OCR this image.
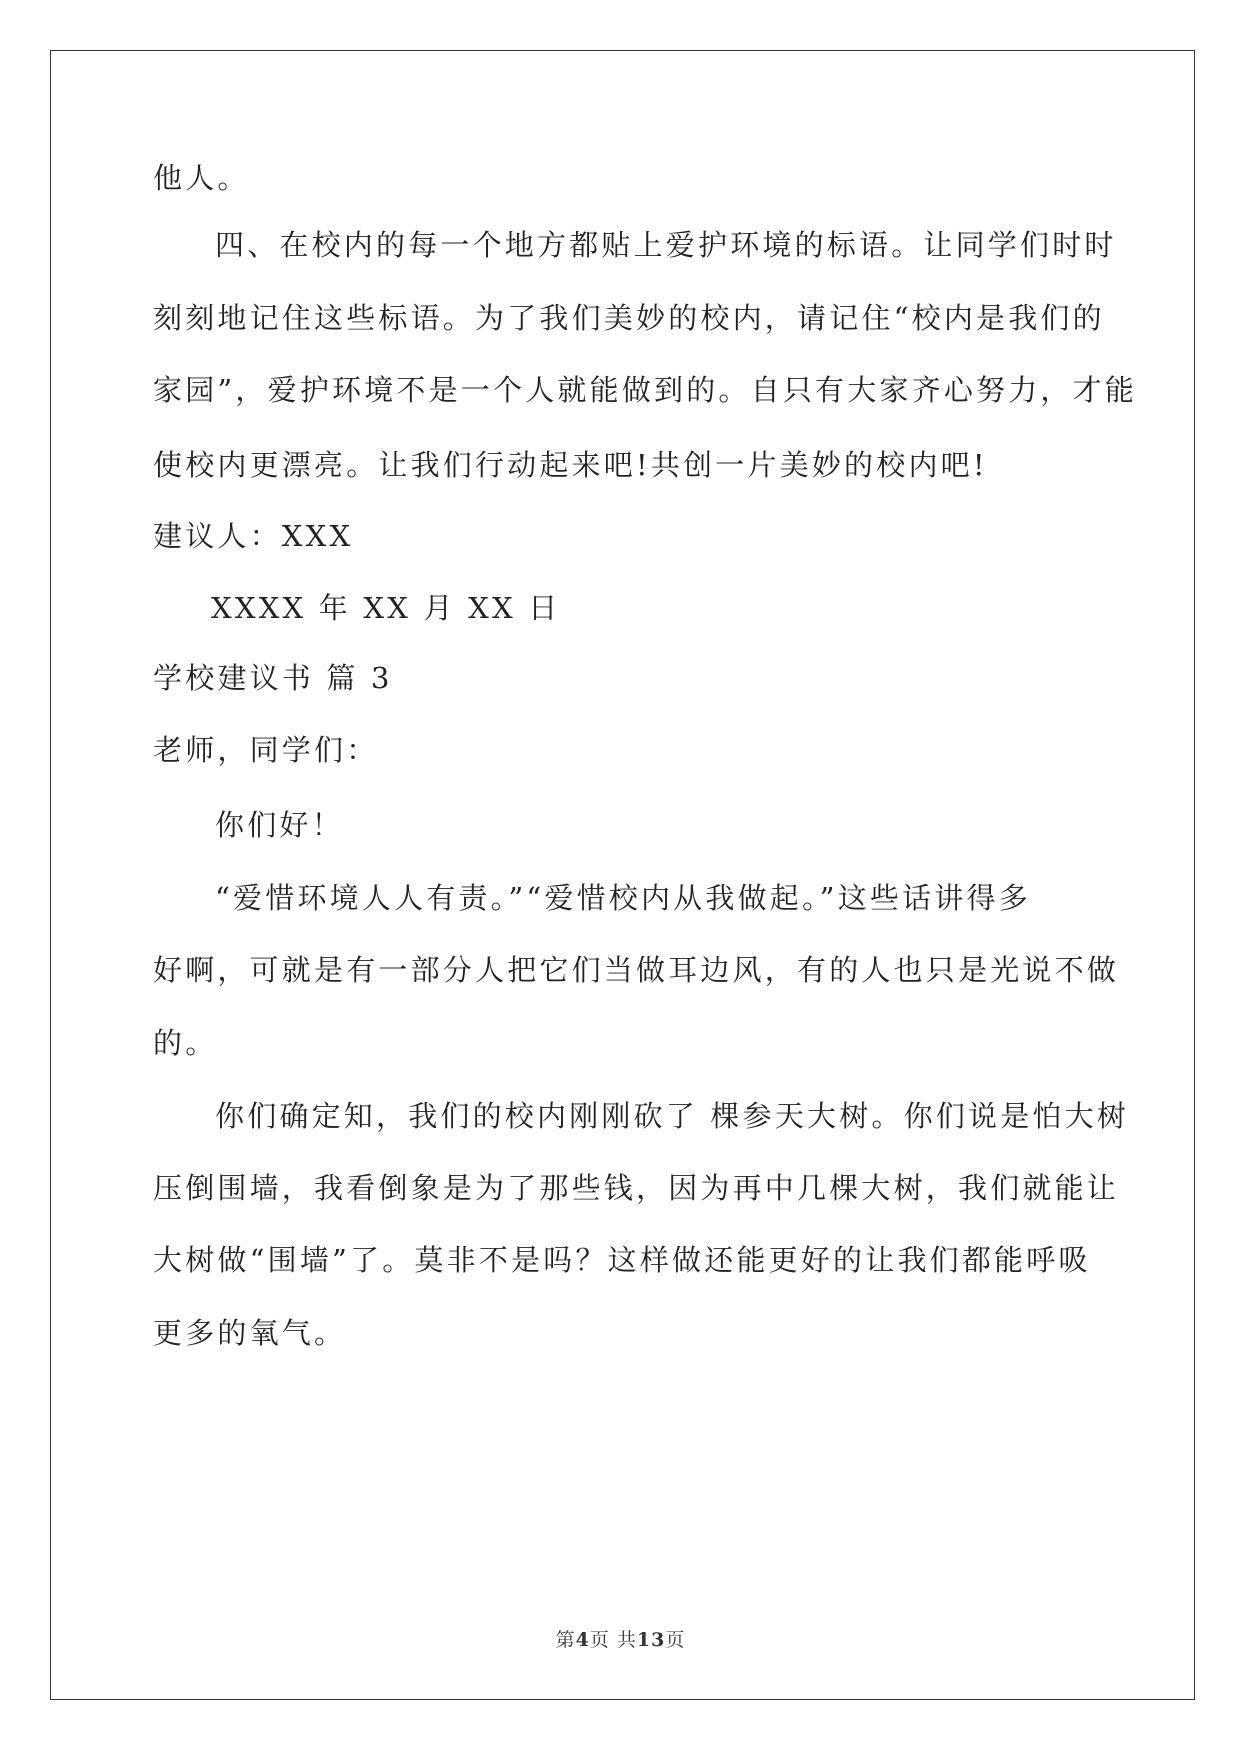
他人。
四、在校内的每一个地方都贴上爱护环境的标语。让同学们时时
刻刻地记住这些标语。为了我们美妙的校内，请记住“校内是我们的
家园”，爱护环境不是一个人就能做到的。自只有大家齐心努力，才能
使校内更漂亮。让我们行动起来吧!共创一片美妙的校内吧!
建议人：XXX
XXXX 年 XX 月 XX 日
学校建议书 篇 3
老师，同学们：
你们好！
“爱惜环境人人有责。”“爱惜校内从我做起。”这些话讲得多
好啊，可就是有一部分人把它们当做耳边风，有的人也只是光说不做
的。
你们确定知，我们的校内刚刚砍了 棵参天大树。你们说是怕大树
压倒围墙，我看倒象是为了那些钱，因为再中几棵大树，我们就能让
大树做“围墙”了。莫非不是吗？这样做还能更好的让我们都能呼吸
更多的氧气。
第4页 共13页
